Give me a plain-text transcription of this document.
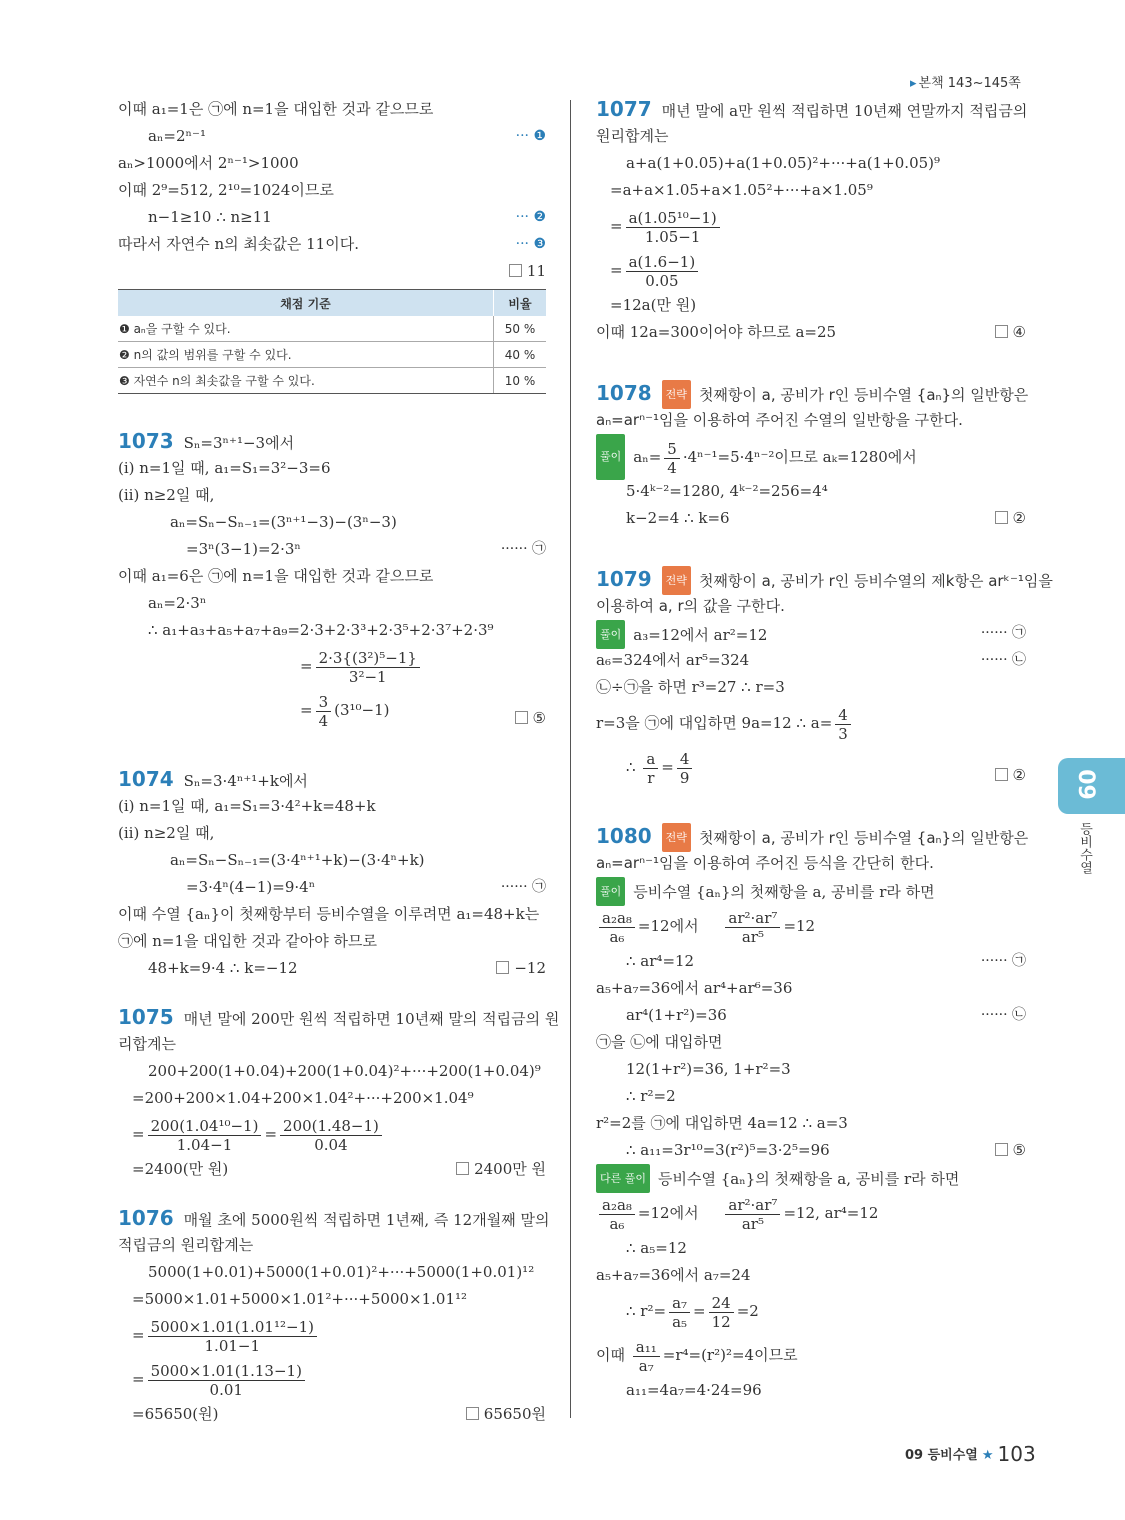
▸ 본책 143~145쪽
이때 a₁=1은 ㉠에 n=1을 대입한 것과 같으므로
aₙ=2ⁿ⁻¹	··· ❶
aₙ>1000에서 2ⁿ⁻¹>1000
이때 2⁹=512, 2¹⁰=1024이므로
n−1≥10 ∴ n≥11	··· ❷
따라서 자연수 n의 최솟값은 11이다.	··· ❸
11
채점 기준	비율
❶ aₙ을 구할 수 있다.	50 %
❷ n의 값의 범위를 구할 수 있다.	40 %
❸ 자연수 n의 최솟값을 구할 수 있다.	10 %
1073 Sₙ=3ⁿ⁺¹−3에서
(ⅰ) n=1일 때, a₁=S₁=3²−3=6
(ⅱ) n≥2일 때,
aₙ=Sₙ−Sₙ₋₁=(3ⁿ⁺¹−3)−(3ⁿ−3)
=3ⁿ(3−1)=2·3ⁿ	······ ㉠
이때 a₁=6은 ㉠에 n=1을 대입한 것과 같으므로
aₙ=2·3ⁿ
∴ a₁+a₃+a₅+a₇+a₉=2·3+2·3³+2·3⁵+2·3⁷+2·3⁹
= $\frac{\text{2·3\{(3²)⁵−1\}}}{\text{3²−1}}$
= $\frac{3}{4} (3^{10}-1)$	⑤
1074 Sₙ=3·4ⁿ⁺¹+k에서
(ⅰ) n=1일 때, a₁=S₁=3·4²+k=48+k
(ⅱ) n≥2일 때,
aₙ=Sₙ−Sₙ₋₁=(3·4ⁿ⁺¹+k)−(3·4ⁿ+k)
=3·4ⁿ(4−1)=9·4ⁿ	······ ㉠
이때 수열 {aₙ}이 첫째항부터 등비수열을 이루려면 a₁=48+k는
㉠에 n=1을 대입한 것과 같아야 하므로
48+k=9·4 ∴ k=−12	−12
1075 매년 말에 200만 원씩 적립하면 10년째 말의 적립금의 원
리합계는
200+200(1+0.04)+200(1+0.04)²+···+200(1+0.04)⁹
=200+200×1.04+200×1.04²+···+200×1.04⁹
= $\frac{\text{200(1.04¹⁰−1)}}{1.04-1} = \frac{200(1.48-1)}{0.04}$
=2400(만 원)	2400만 원
1076 매월 초에 5000원씩 적립하면 1년째, 즉 12개월째 말의
적립금의 원리합계는
5000(1+0.01)+5000(1+0.01)²+···+5000(1+0.01)¹²
=5000×1.01+5000×1.01²+···+5000×1.01¹²
= $\frac{\text{5000×1.01(1.01¹²−1)}}{1.01-1}$
= $\frac{5000\times 1.01(1.13-1)}{0.01}$
=65650(원)	65650원
1077 매년 말에 a만 원씩 적립하면 10년째 연말까지 적립금의
원리합계는
a+a(1+0.05)+a(1+0.05)²+···+a(1+0.05)⁹
=a+a×1.05+a×1.05²+···+a×1.05⁹
= $\frac{\text{a(1.05¹⁰−1)}}{1.05-1}$
= $\frac{a(1.6-1)}{0.05}$
=12a(만 원)
이때 12a=300이어야 하므로 a=25	④
1078 전략 첫째항이 a, 공비가 r인 등비수열 {aₙ}의 일반항은
aₙ=arⁿ⁻¹임을 이용하여 주어진 수열의 일반항을 구한다.
풀이 $a_n= \frac{5}{4} \cdot 4^{n-1}=5\cdot 4^{n-2}$이므로 aₖ=1280에서
5·4ᵏ⁻²=1280, 4ᵏ⁻²=256=4⁴
k−2=4 ∴ k=6	②
1079 전략 첫째항이 a, 공비가 r인 등비수열의 제k항은 arᵏ⁻¹임을
이용하여 a, r의 값을 구한다.
풀이 a₃=12에서 ar²=12	······ ㉠
a₆=324에서 ar⁵=324	······ ㉡
㉡÷㉠을 하면 r³=27 ∴ r=3
r=3을 ㉠에 대입하면 9a=12 ∴ $a= \frac{4}{3}$
∴ $\frac{a}{r} = \frac{4}{9}$	②
1080 전략 첫째항이 a, 공비가 r인 등비수열 {aₙ}의 일반항은
aₙ=arⁿ⁻¹임을 이용하여 주어진 등식을 간단히 한다.
풀이 등비수열 {aₙ}의 첫째항을 a, 공비를 r라 하면
$\frac{\text{a₂a₈}}{\text{a₆}} =12$에서 $\frac{\text{ar²·ar⁷}}{\text{ar⁵}} =12$
∴ ar⁴=12	······ ㉠
a₅+a₇=36에서 ar⁴+ar⁶=36
ar⁴(1+r²)=36	······ ㉡
㉠을 ㉡에 대입하면
12(1+r²)=36, 1+r²=3
∴ r²=2
r²=2를 ㉠에 대입하면 4a=12 ∴ a=3
∴ a₁₁=3r¹⁰=3(r²)⁵=3·2⁵=96	⑤
다른 풀이 등비수열 {aₙ}의 첫째항을 a, 공비를 r라 하면
$\frac{\text{a₂a₈}}{\text{a₆}} =12$에서 $\frac{\text{ar²·ar⁷}}{\text{ar⁵}} =12$, ar⁴=12
∴ a₅=12
a₅+a₇=36에서 a₇=24
∴ $r^2= \frac{\text{a₇}}{\text{a₅}} = \frac{24}{12} =2$
이때 $\frac{\text{a₁₁}}{\text{a₇}} =r^4=(r^2)^2=4$이므로
a₁₁=4a₇=4·24=96
09
등비수열
09 등비수열 ★ 103
